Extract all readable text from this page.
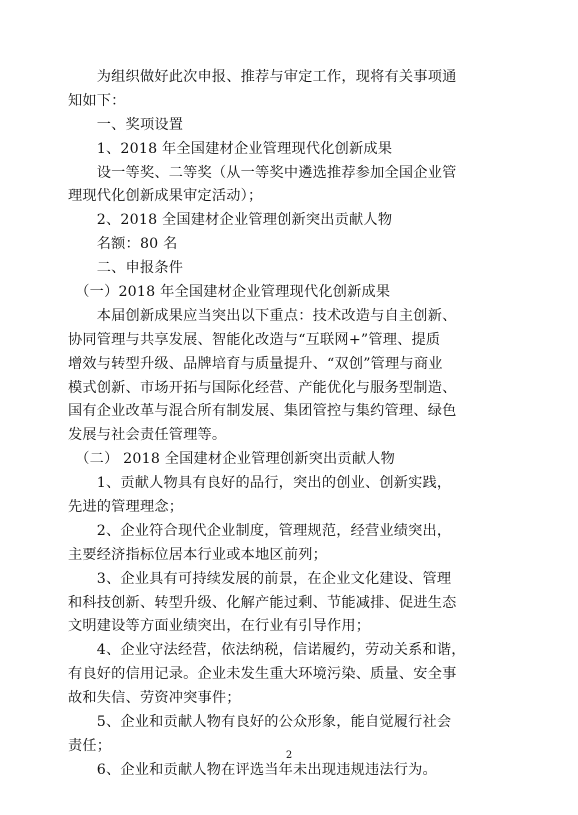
　　为组织做好此次申报、推荐与审定工作，现将有关事项通
知如下：
　　一、奖项设置
　　1、2018 年全国建材企业管理现代化创新成果
　　设一等奖、二等奖（从一等奖中遴选推荐参加全国企业管
理现代化创新成果审定活动）；
　　2、2018 全国建材企业管理创新突出贡献人物
　　名额：80 名
　　二、申报条件
　（一）2018 年全国建材企业管理现代化创新成果
　　本届创新成果应当突出以下重点：技术改造与自主创新、
协同管理与共享发展、智能化改造与“互联网+”管理、提质
增效与转型升级、品牌培育与质量提升、“双创”管理与商业
模式创新、市场开拓与国际化经营、产能优化与服务型制造、
国有企业改革与混合所有制发展、集团管控与集约管理、绿色
发展与社会责任管理等。
　（二） 2018 全国建材企业管理创新突出贡献人物
　　1、贡献人物具有良好的品行，突出的创业、创新实践，
先进的管理理念；
　　2、企业符合现代企业制度，管理规范，经营业绩突出，
主要经济指标位居本行业或本地区前列；
　　3、企业具有可持续发展的前景，在企业文化建设、管理
和科技创新、转型升级、化解产能过剩、节能减排、促进生态
文明建设等方面业绩突出，在行业有引导作用；
　　4、企业守法经营，依法纳税，信诺履约，劳动关系和谐，
有良好的信用记录。企业未发生重大环境污染、质量、安全事
故和失信、劳资冲突事件；
　　5、企业和贡献人物有良好的公众形象，能自觉履行社会
责任；
　　6、企业和贡献人物在评选当年未出现违规违法行为。
2
